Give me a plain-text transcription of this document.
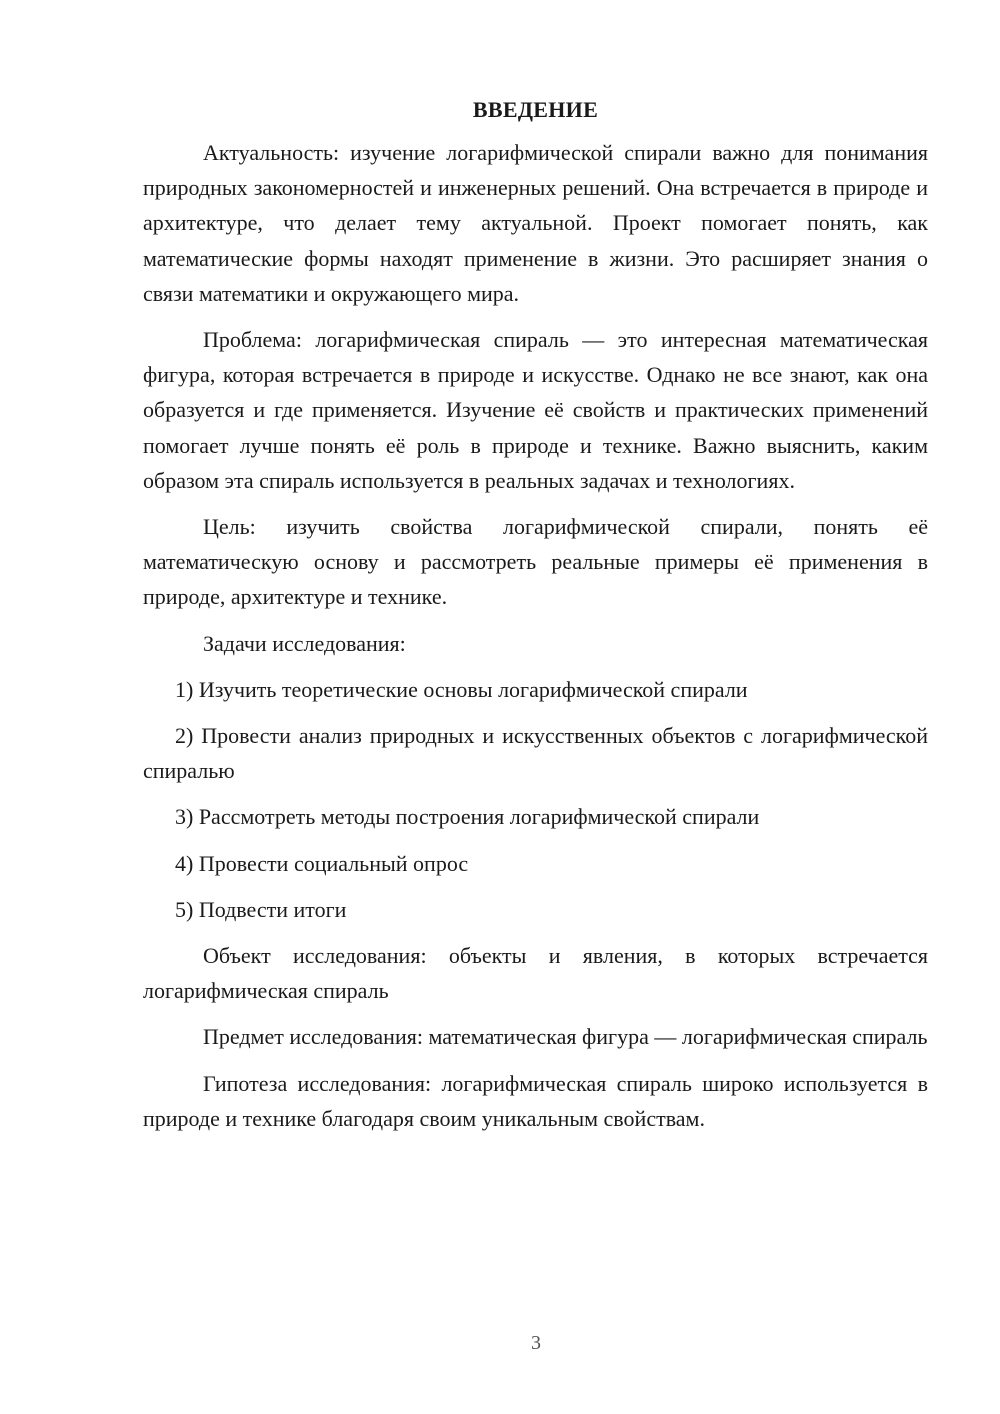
ВВЕДЕНИЕ

Актуальность: изучение логарифмической спирали важно для понимания природных закономерностей и инженерных решений. Она встречается в природе и архитектуре, что делает тему актуальной. Проект помогает понять, как математические формы находят применение в жизни. Это расширяет знания о связи математики и окружающего мира.

Проблема: логарифмическая спираль — это интересная математическая фигура, которая встречается в природе и искусстве. Однако не все знают, как она образуется и где применяется. Изучение её свойств и практических применений помогает лучше понять её роль в природе и технике. Важно выяснить, каким образом эта спираль используется в реальных задачах и технологиях.

Цель: изучить свойства логарифмической спирали, понять её математическую основу и рассмотреть реальные примеры её применения в природе, архитектуре и технике.

Задачи исследования:

1) Изучить теоретические основы логарифмической спирали

2) Провести анализ природных и искусственных объектов с логарифмической спиралью

3) Рассмотреть методы построения логарифмической спирали

4) Провести социальный опрос

5) Подвести итоги

Объект исследования: объекты и явления, в которых встречается логарифмическая спираль

Предмет исследования: математическая фигура — логарифмическая спираль

Гипотеза исследования: логарифмическая спираль широко используется в природе и технике благодаря своим уникальным свойствам.

3
